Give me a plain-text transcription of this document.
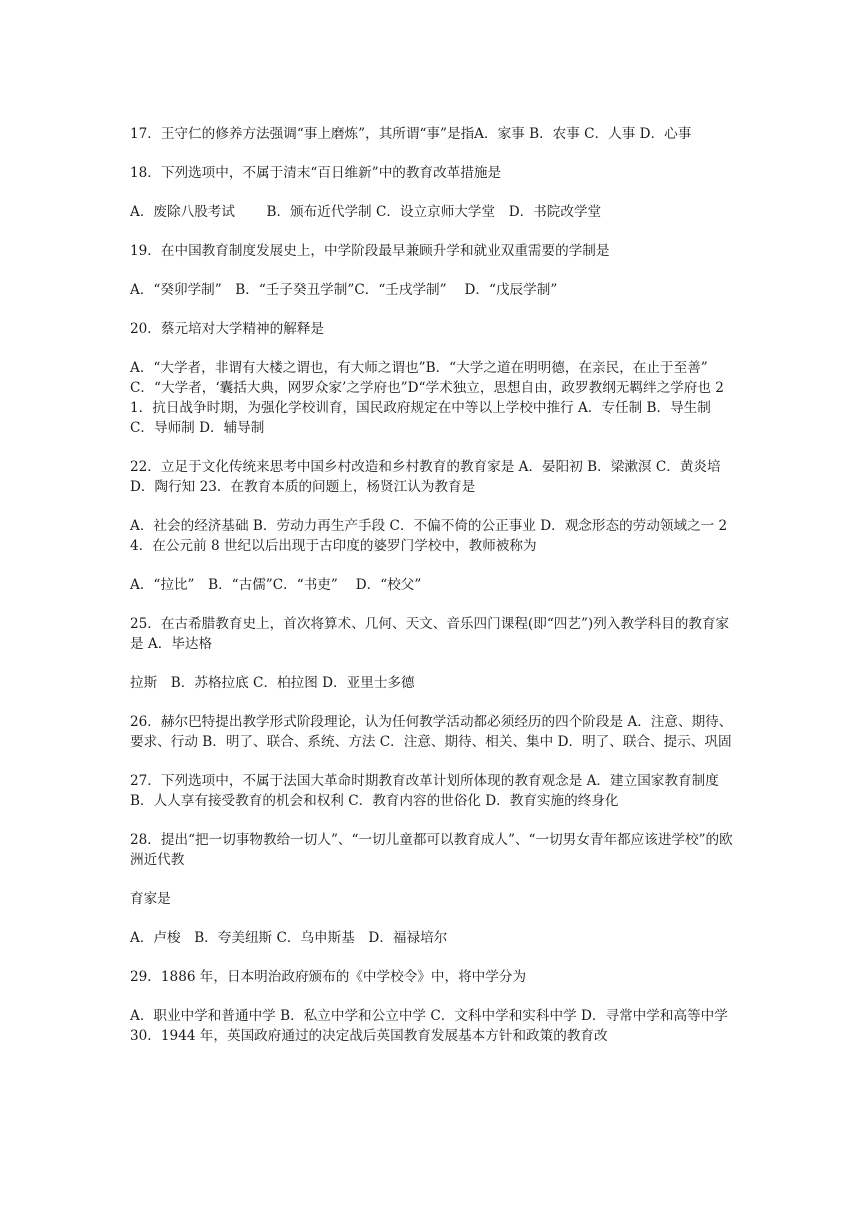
17．王守仁的修养方法强调“事上磨炼”，其所谓“事”是指A．家事 B．农事 C．人事 D．心事

18．下列选项中，不属于清末“百日维新”中的教育改革措施是

A．废除八股考试　　 B．颁布近代学制 C．设立京师大学堂　D．书院改学堂

19．在中国教育制度发展史上，中学阶段最早兼顾升学和就业双重需要的学制是

A．“癸卯学制”　B．“壬子癸丑学制”C．“壬戌学制”　 D．“戊辰学制”

20．蔡元培对大学精神的解释是

A．“大学者，非谓有大楼之谓也，有大师之谓也”B．“大学之道在明明德，在亲民，在止于至善”　C．“大学者，‘囊括大典，网罗众家’之学府也”D“学术独立，思想自由，政罗教纲无羁绊之学府也 21．抗日战争时期，为强化学校训育，国民政府规定在中等以上学校中推行 A．专任制 B．导生制 C．导师制 D．辅导制

22．立足于文化传统来思考中国乡村改造和乡村教育的教育家是 A．晏阳初 B．梁漱溟 C．黄炎培 D．陶行知 23．在教育本质的问题上，杨贤江认为教育是

A．社会的经济基础 B．劳动力再生产手段 C．不偏不倚的公正事业 D．观念形态的劳动领域之一 24．在公元前 8 世纪以后出现于古印度的婆罗门学校中，教师被称为

A．“拉比”　B．“古儒”C．“书吏”　 D．“校父”

25．在古希腊教育史上，首次将算术、几何、天文、音乐四门课程(即“四艺”)列入教学科目的教育家是 A．毕达格

拉斯　B．苏格拉底 C．柏拉图 D．亚里士多德

26．赫尔巴特提出教学形式阶段理论，认为任何教学活动都必须经历的四个阶段是 A．注意、期待、要求、行动 B．明了、联合、系统、方法 C．注意、期待、相关、集中 D．明了、联合、提示、巩固

27．下列选项中，不属于法国大革命时期教育改革计划所体现的教育观念是 A．建立国家教育制度 B．人人享有接受教育的机会和权利 C．教育内容的世俗化 D．教育实施的终身化

28．提出“把一切事物教给一切人”、“一切儿童都可以教育成人”、“一切男女青年都应该进学校”的欧洲近代教

育家是

A．卢梭　B．夸美纽斯 C．乌申斯基　D．福禄培尔

29．1886 年，日本明治政府颁布的《中学校令》中，将中学分为

A．职业中学和普通中学 B．私立中学和公立中学 C．文科中学和实科中学 D．寻常中学和高等中学 30．1944 年，英国政府通过的决定战后英国教育发展基本方针和政策的教育改
